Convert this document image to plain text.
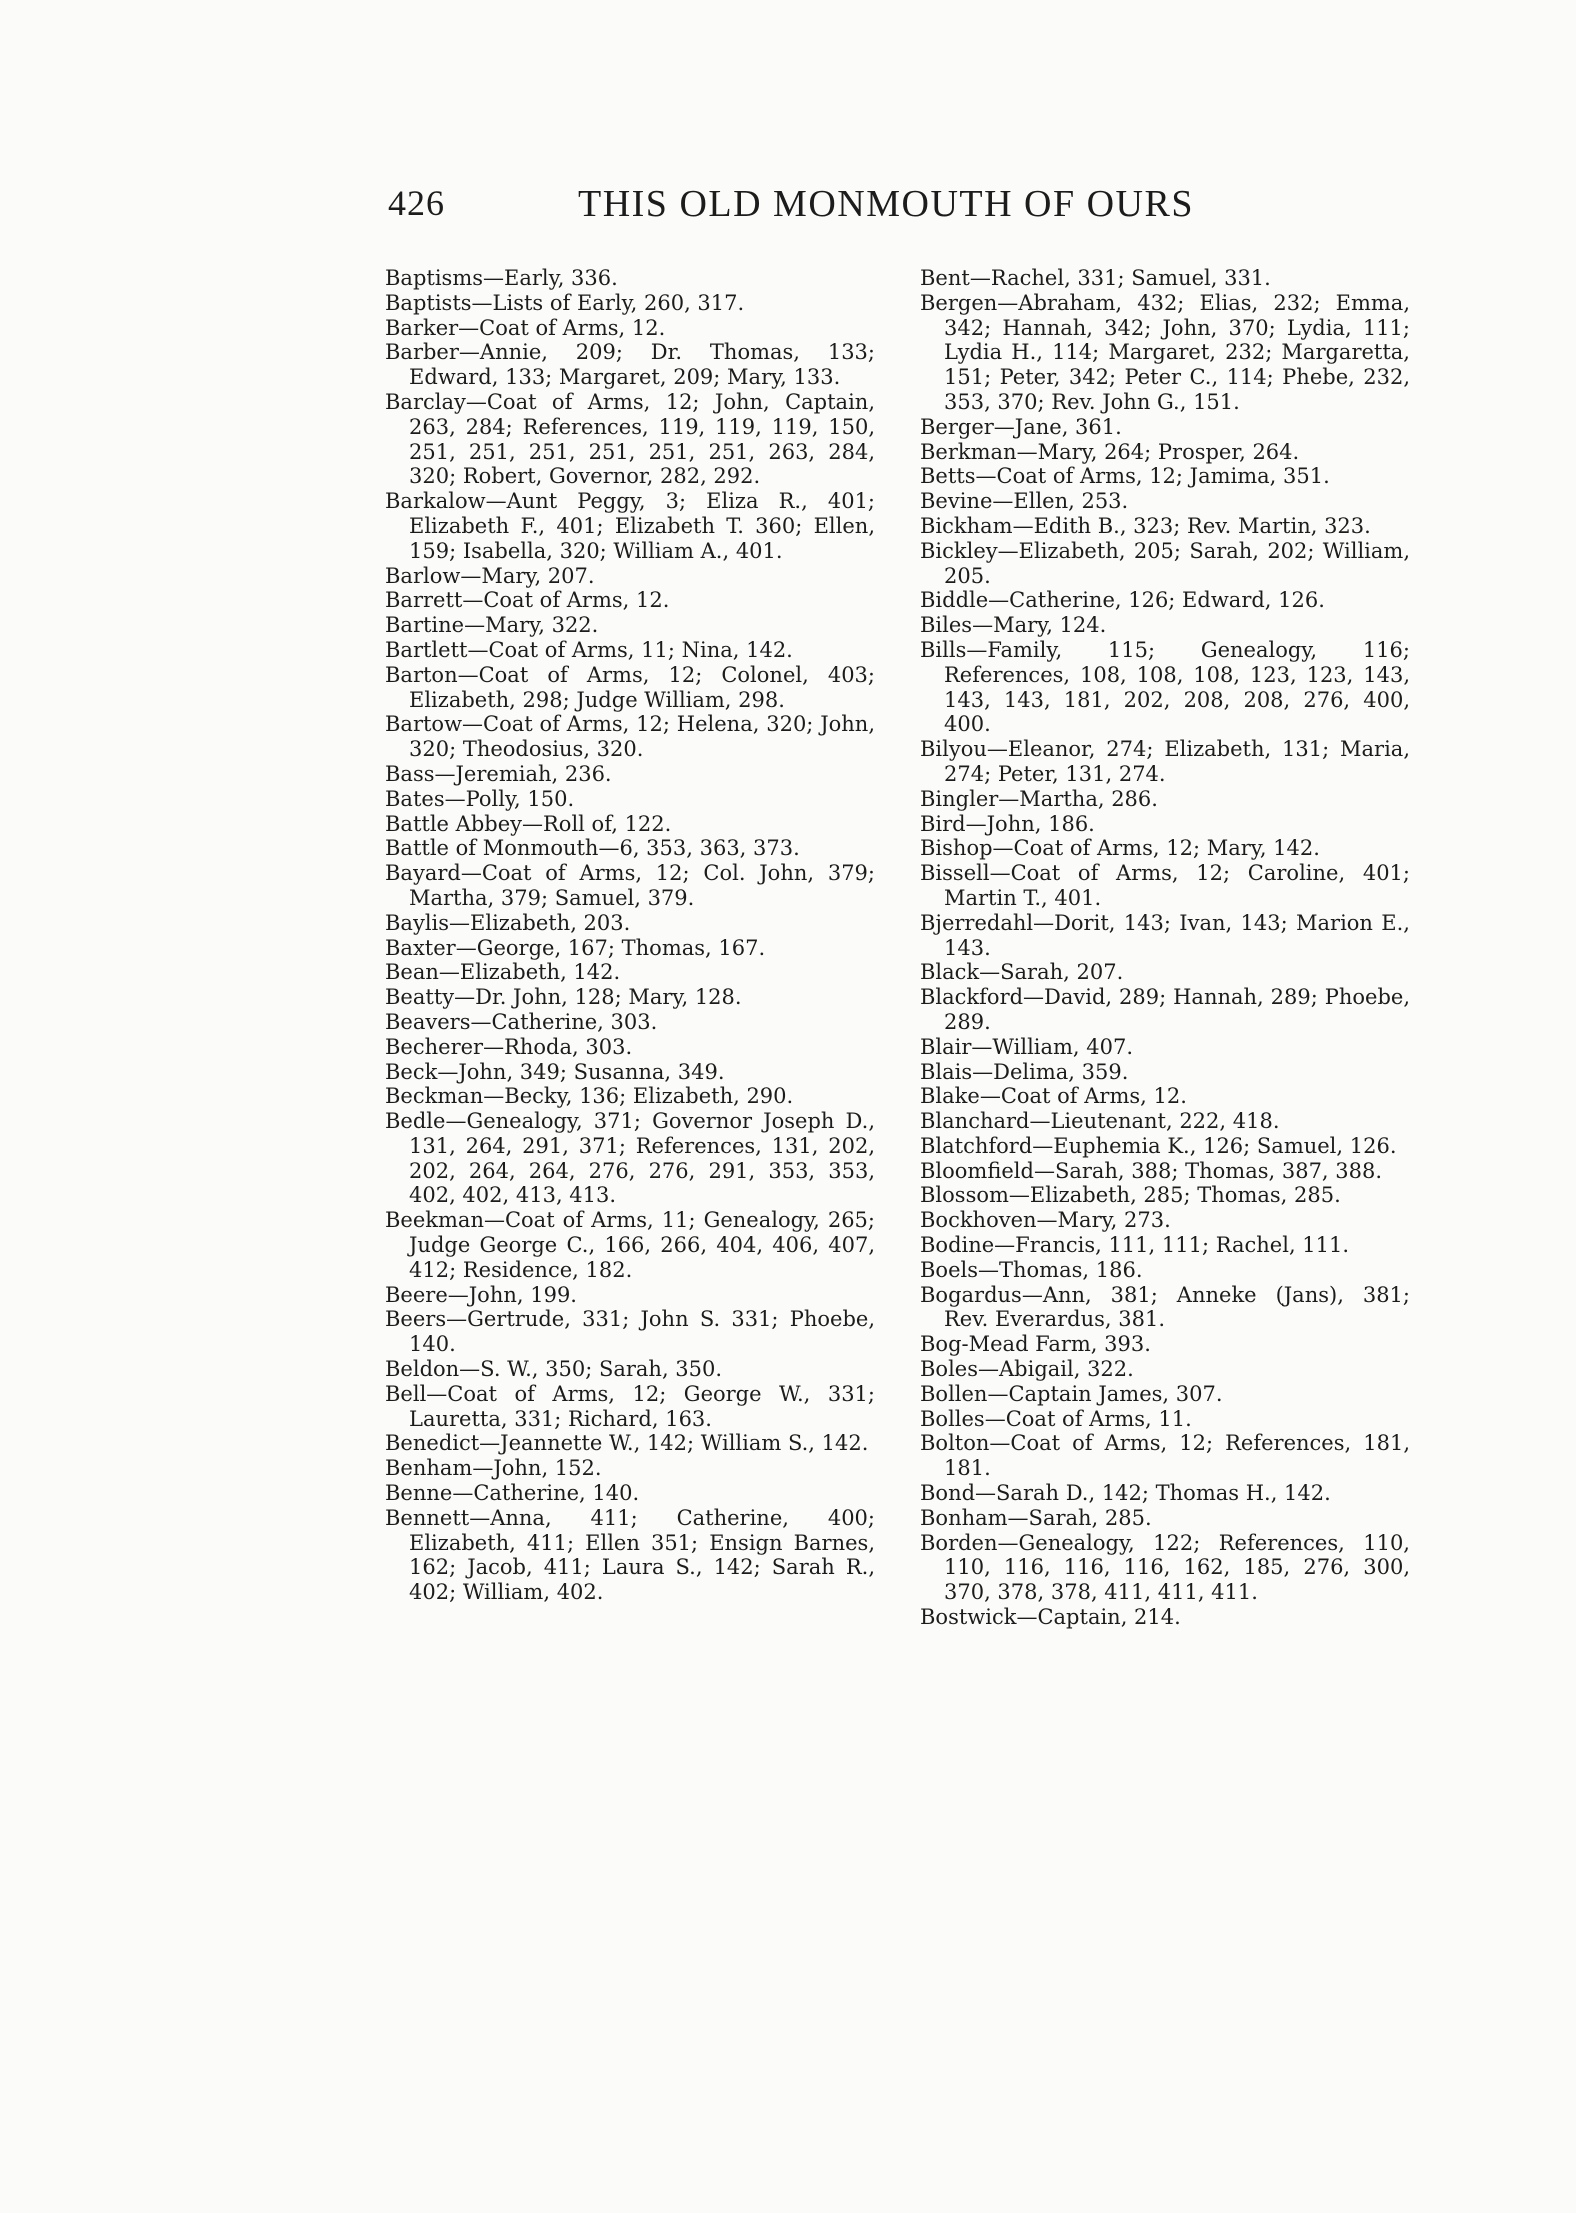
426	THIS OLD MONMOUTH OF OURS

Baptisms—Early, 336.

Baptists—Lists of Early, 260, 317.

Barker—Coat of Arms, 12.

Barber—Annie, 209; Dr. Thomas, 133; Edward, 133; Margaret, 209; Mary, 133.

Barclay—Coat of Arms, 12; John, Captain, 263, 284; References, 119, 119, 119, 150, 251, 251, 251, 251, 251, 251, 263, 284, 320; Robert, Governor, 282, 292.

Barkalow—Aunt Peggy, 3; Eliza R., 401; Elizabeth F., 401; Elizabeth T. 360; Ellen, 159; Isabella, 320; William A., 401.

Barlow—Mary, 207.

Barrett—Coat of Arms, 12.

Bartine—Mary, 322.

Bartlett—Coat of Arms, 11; Nina, 142.

Barton—Coat of Arms, 12; Colonel, 403; Elizabeth, 298; Judge William, 298.

Bartow—Coat of Arms, 12; Helena, 320; John, 320; Theodosius, 320.

Bass—Jeremiah, 236.

Bates—Polly, 150.

Battle Abbey—Roll of, 122.

Battle of Monmouth—6, 353, 363, 373.

Bayard—Coat of Arms, 12; Col. John, 379; Martha, 379; Samuel, 379.

Baylis—Elizabeth, 203.

Baxter—George, 167; Thomas, 167.

Bean—Elizabeth, 142.

Beatty—Dr. John, 128; Mary, 128.

Beavers—Catherine, 303.

Becherer—Rhoda, 303.

Beck—John, 349; Susanna, 349.

Beckman—Becky, 136; Elizabeth, 290.

Bedle—Genealogy, 371; Governor Joseph D., 131, 264, 291, 371; References, 131, 202, 202, 264, 264, 276, 276, 291, 353, 353, 402, 402, 413, 413.

Beekman—Coat of Arms, 11; Genealogy, 265; Judge George C., 166, 266, 404, 406, 407, 412; Residence, 182.

Beere—John, 199.

Beers—Gertrude, 331; John S. 331; Phoebe, 140.

Beldon—S. W., 350; Sarah, 350.

Bell—Coat of Arms, 12; George W., 331; Lauretta, 331; Richard, 163.

Benedict—Jeannette W., 142; William S., 142.

Benham—John, 152.

Benne—Catherine, 140.

Bennett—Anna, 411; Catherine, 400; Elizabeth, 411; Ellen 351; Ensign Barnes, 162; Jacob, 411; Laura S., 142; Sarah R., 402; William, 402.

Bent—Rachel, 331; Samuel, 331.

Bergen—Abraham, 432; Elias, 232; Emma, 342; Hannah, 342; John, 370; Lydia, 111; Lydia H., 114; Margaret, 232; Margaretta, 151; Peter, 342; Peter C., 114; Phebe, 232, 353, 370; Rev. John G., 151.

Berger—Jane, 361.

Berkman—Mary, 264; Prosper, 264.

Betts—Coat of Arms, 12; Jamima, 351.

Bevine—Ellen, 253.

Bickham—Edith B., 323; Rev. Martin, 323.

Bickley—Elizabeth, 205; Sarah, 202; William, 205.

Biddle—Catherine, 126; Edward, 126.

Biles—Mary, 124.

Bills—Family, 115; Genealogy, 116; References, 108, 108, 108, 123, 123, 143, 143, 143, 181, 202, 208, 208, 276, 400, 400.

Bilyou—Eleanor, 274; Elizabeth, 131; Maria, 274; Peter, 131, 274.

Bingler—Martha, 286.

Bird—John, 186.

Bishop—Coat of Arms, 12; Mary, 142.

Bissell—Coat of Arms, 12; Caroline, 401; Martin T., 401.

Bjerredahl—Dorit, 143; Ivan, 143; Marion E., 143.

Black—Sarah, 207.

Blackford—David, 289; Hannah, 289; Phoebe, 289.

Blair—William, 407.

Blais—Delima, 359.

Blake—Coat of Arms, 12.

Blanchard—Lieutenant, 222, 418.

Blatchford—Euphemia K., 126; Samuel, 126.

Bloomfield—Sarah, 388; Thomas, 387, 388.

Blossom—Elizabeth, 285; Thomas, 285.

Bockhoven—Mary, 273.

Bodine—Francis, 111, 111; Rachel, 111.

Boels—Thomas, 186.

Bogardus—Ann, 381; Anneke (Jans), 381; Rev. Everardus, 381.

Bog-Mead Farm, 393.

Boles—Abigail, 322.

Bollen—Captain James, 307.

Bolles—Coat of Arms, 11.

Bolton—Coat of Arms, 12; References, 181, 181.

Bond—Sarah D., 142; Thomas H., 142.

Bonham—Sarah, 285.

Borden—Genealogy, 122; References, 110, 110, 116, 116, 116, 162, 185, 276, 300, 370, 378, 378, 411, 411, 411.

Bostwick—Captain, 214.
